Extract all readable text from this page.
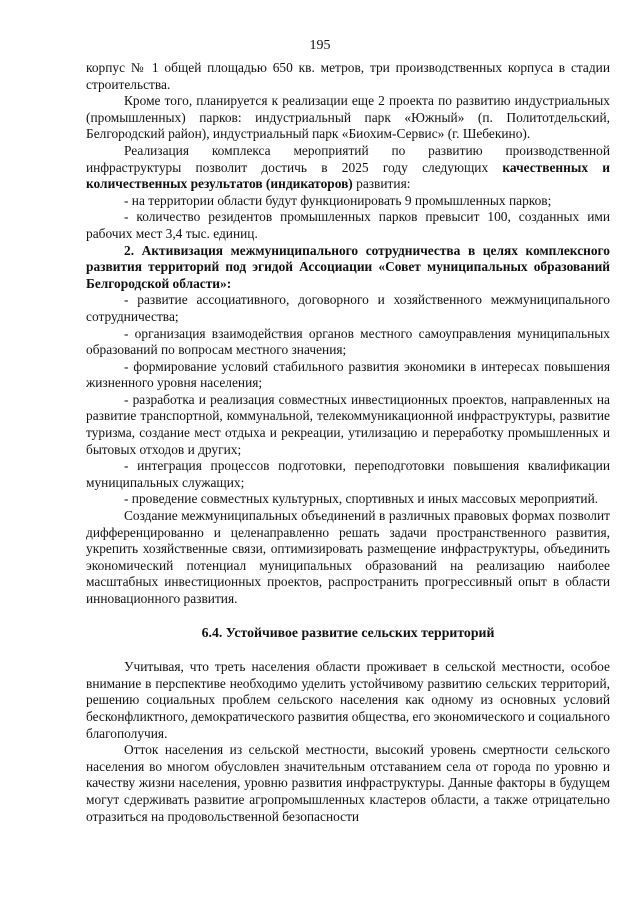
195

корпус № 1 общей площадью 650 кв. метров, три производственных корпуса в стадии строительства.

Кроме того, планируется к реализации еще 2 проекта по развитию индустриальных (промышленных) парков: индустриальный парк «Южный» (п. Политотдельский, Белгородский район), индустриальный парк «Биохим-Сервис» (г. Шебекино).

Реализация комплекса мероприятий по развитию производственной инфраструктуры позволит достичь в 2025 году следующих качественных и количественных результатов (индикаторов) развития:

- на территории области будут функционировать 9 промышленных парков;

- количество резидентов промышленных парков превысит 100, созданных ими рабочих мест 3,4 тыс. единиц.

2. Активизация межмуниципального сотрудничества в целях комплексного развития территорий под эгидой Ассоциации «Совет муниципальных образований Белгородской области»:

- развитие ассоциативного, договорного и хозяйственного межмуниципального сотрудничества;

- организация взаимодействия органов местного самоуправления муниципальных образований по вопросам местного значения;

- формирование условий стабильного развития экономики в интересах повышения жизненного уровня населения;

- разработка и реализация совместных инвестиционных проектов, направленных на развитие транспортной, коммунальной, телекоммуникационной инфраструктуры, развитие туризма, создание мест отдыха и рекреации, утилизацию и переработку промышленных и бытовых отходов и других;

- интеграция процессов подготовки, переподготовки повышения квалификации муниципальных служащих;

- проведение совместных культурных, спортивных и иных массовых мероприятий.

Создание межмуниципальных объединений в различных правовых формах позволит дифференцированно и целенаправленно решать задачи пространственного развития, укрепить хозяйственные связи, оптимизировать размещение инфраструктуры, объединить экономический потенциал муниципальных образований на реализацию наиболее масштабных инвестиционных проектов, распространить прогрессивный опыт в области инновационного развития.

6.4. Устойчивое развитие сельских территорий

Учитывая, что треть населения области проживает в сельской местности, особое внимание в перспективе необходимо уделить устойчивому развитию сельских территорий, решению социальных проблем сельского населения как одному из основных условий бесконфликтного, демократического развития общества, его экономического и социального благополучия.

Отток населения из сельской местности, высокий уровень смертности сельского населения во многом обусловлен значительным отставанием села от города по уровню и качеству жизни населения, уровню развития инфраструктуры. Данные факторы в будущем могут сдерживать развитие агропромышленных кластеров области, а также отрицательно отразиться на продовольственной безопасности
